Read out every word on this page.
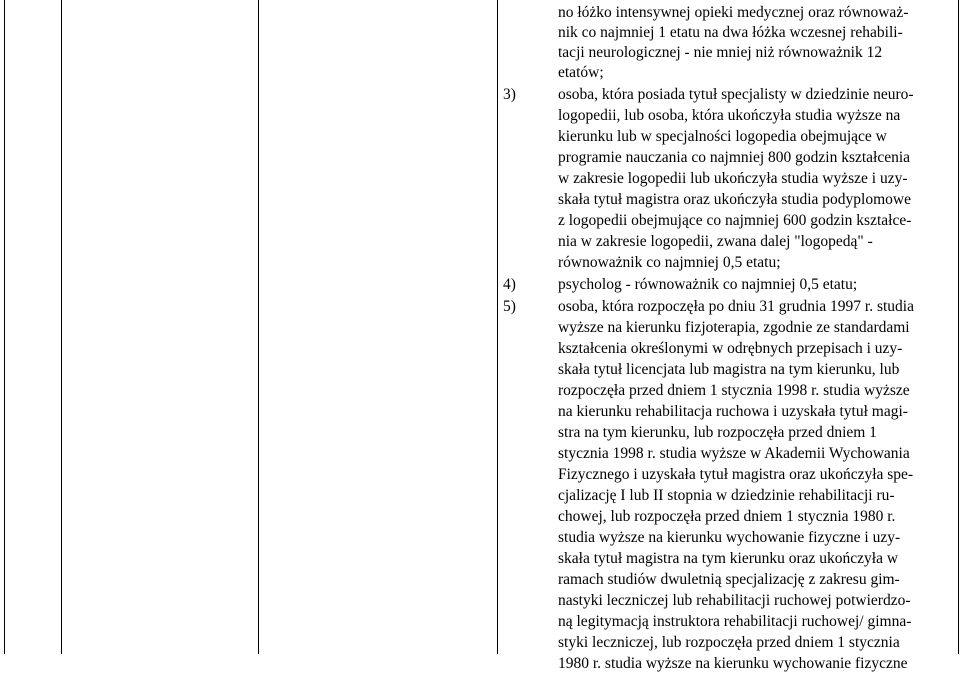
no łóżko intensywnej opieki medycznej oraz równoważ-
nik co najmniej 1 etatu na dwa łóżka wczesnej rehabili-
tacji neurologicznej - nie mniej niż równoważnik 12
etatów;
3)	osoba, która posiada tytuł specjalisty w dziedzinie neuro-
logopedii, lub osoba, która ukończyła studia wyższe na
kierunku lub w specjalności logopedia obejmujące w
programie nauczania co najmniej 800 godzin kształcenia
w zakresie logopedii lub ukończyła studia wyższe i uzy-
skała tytuł magistra oraz ukończyła studia podyplomowe
z logopedii obejmujące co najmniej 600 godzin kształce-
nia w zakresie logopedii, zwana dalej "logopedą" -
równoważnik co najmniej 0,5 etatu;
4)	psycholog - równoważnik co najmniej 0,5 etatu;
5)	osoba, która rozpoczęła po dniu 31 grudnia 1997 r. studia
wyższe na kierunku fizjoterapia, zgodnie ze standardami
kształcenia określonymi w odrębnych przepisach i uzy-
skała tytuł licencjata lub magistra na tym kierunku, lub
rozpoczęła przed dniem 1 stycznia 1998 r. studia wyższe
na kierunku rehabilitacja ruchowa i uzyskała tytuł magi-
stra na tym kierunku, lub rozpoczęła przed dniem 1
stycznia 1998 r. studia wyższe w Akademii Wychowania
Fizycznego i uzyskała tytuł magistra oraz ukończyła spe-
cjalizację I lub II stopnia w dziedzinie rehabilitacji ru-
chowej, lub rozpoczęła przed dniem 1 stycznia 1980 r.
studia wyższe na kierunku wychowanie fizyczne i uzy-
skała tytuł magistra na tym kierunku oraz ukończyła w
ramach studiów dwuletnią specjalizację z zakresu gim-
nastyki leczniczej lub rehabilitacji ruchowej potwierdzo-
ną legitymacją instruktora rehabilitacji ruchowej/ gimna-
styki leczniczej, lub rozpoczęła przed dniem 1 stycznia
1980 r. studia wyższe na kierunku wychowanie fizyczne
